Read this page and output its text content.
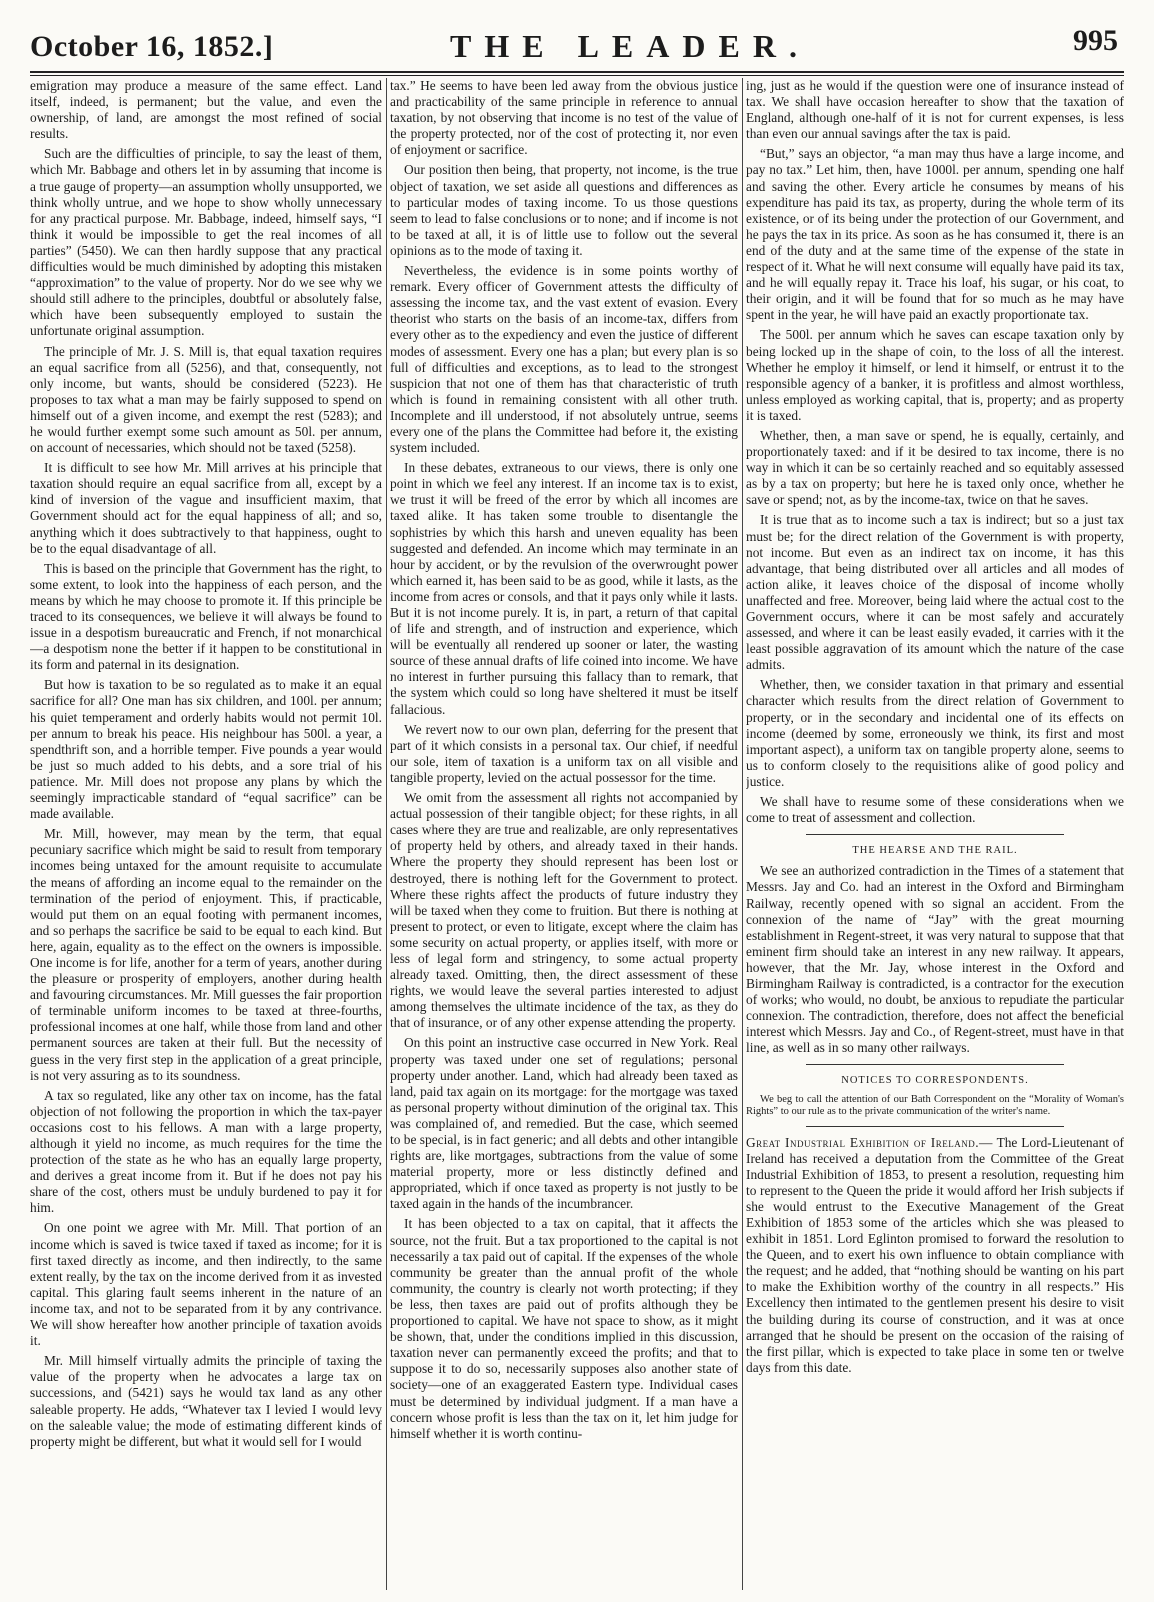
October 16, 1852.]	THE LEADER.	995

emigration may produce a measure of the same effect. Land itself, indeed, is permanent; but the value, and even the ownership, of land, are amongst the most refined of social results.

Such are the difficulties of principle, to say the least of them, which Mr. Babbage and others let in by assuming that income is a true gauge of property—an assumption wholly unsupported, we think wholly untrue, and we hope to show wholly unnecessary for any practical purpose. Mr. Babbage, indeed, himself says, “I think it would be impossible to get the real incomes of all parties” (5450). We can then hardly suppose that any practical difficulties would be much diminished by adopting this mistaken “approximation” to the value of property. Nor do we see why we should still adhere to the principles, doubtful or absolutely false, which have been subsequently employed to sustain the unfortunate original assumption.

The principle of Mr. J. S. Mill is, that equal taxation requires an equal sacrifice from all (5256), and that, consequently, not only income, but wants, should be considered (5223). He proposes to tax what a man may be fairly supposed to spend on himself out of a given income, and exempt the rest (5283); and he would further exempt some such amount as 50l. per annum, on account of necessaries, which should not be taxed (5258).

It is difficult to see how Mr. Mill arrives at his principle that taxation should require an equal sacrifice from all, except by a kind of inversion of the vague and insufficient maxim, that Government should act for the equal happiness of all; and so, anything which it does subtractively to that happiness, ought to be to the equal disadvantage of all.

This is based on the principle that Government has the right, to some extent, to look into the happiness of each person, and the means by which he may choose to promote it. If this principle be traced to its consequences, we believe it will always be found to issue in a despotism bureaucratic and French, if not monarchical—a despotism none the better if it happen to be constitutional in its form and paternal in its designation.

But how is taxation to be so regulated as to make it an equal sacrifice for all? One man has six children, and 100l. per annum; his quiet temperament and orderly habits would not permit 10l. per annum to break his peace. His neighbour has 500l. a year, a spendthrift son, and a horrible temper. Five pounds a year would be just so much added to his debts, and a sore trial of his patience. Mr. Mill does not propose any plans by which the seemingly impracticable standard of “equal sacrifice” can be made available.

Mr. Mill, however, may mean by the term, that equal pecuniary sacrifice which might be said to result from temporary incomes being untaxed for the amount requisite to accumulate the means of affording an income equal to the remainder on the termination of the period of enjoyment. This, if practicable, would put them on an equal footing with permanent incomes, and so perhaps the sacrifice be said to be equal to each kind. But here, again, equality as to the effect on the owners is impossible. One income is for life, another for a term of years, another during the pleasure or prosperity of employers, another during health and favouring circumstances. Mr. Mill guesses the fair proportion of terminable uniform incomes to be taxed at three-fourths, professional incomes at one half, while those from land and other permanent sources are taken at their full. But the necessity of guess in the very first step in the application of a great principle, is not very assuring as to its soundness.

A tax so regulated, like any other tax on income, has the fatal objection of not following the proportion in which the tax-payer occasions cost to his fellows. A man with a large property, although it yield no income, as much requires for the time the protection of the state as he who has an equally large property, and derives a great income from it. But if he does not pay his share of the cost, others must be unduly burdened to pay it for him.

On one point we agree with Mr. Mill. That portion of an income which is saved is twice taxed if taxed as income; for it is first taxed directly as income, and then indirectly, to the same extent really, by the tax on the income derived from it as invested capital. This glaring fault seems inherent in the nature of an income tax, and not to be separated from it by any contrivance. We will show hereafter how another principle of taxation avoids it.

Mr. Mill himself virtually admits the principle of taxing the value of the property when he advocates a large tax on successions, and (5421) says he would tax land as any other saleable property. He adds, “Whatever tax I levied I would levy on the saleable value; the mode of estimating different kinds of property might be different, but what it would sell for I would

tax.” He seems to have been led away from the obvious justice and practicability of the same principle in reference to annual taxation, by not observing that income is no test of the value of the property protected, nor of the cost of protecting it, nor even of enjoyment or sacrifice.

Our position then being, that property, not income, is the true object of taxation, we set aside all questions and differences as to particular modes of taxing income. To us those questions seem to lead to false conclusions or to none; and if income is not to be taxed at all, it is of little use to follow out the several opinions as to the mode of taxing it.

Nevertheless, the evidence is in some points worthy of remark. Every officer of Government attests the difficulty of assessing the income tax, and the vast extent of evasion. Every theorist who starts on the basis of an income-tax, differs from every other as to the expediency and even the justice of different modes of assessment. Every one has a plan; but every plan is so full of difficulties and exceptions, as to lead to the strongest suspicion that not one of them has that characteristic of truth which is found in remaining consistent with all other truth. Incomplete and ill understood, if not absolutely untrue, seems every one of the plans the Committee had before it, the existing system included.

In these debates, extraneous to our views, there is only one point in which we feel any interest. If an income tax is to exist, we trust it will be freed of the error by which all incomes are taxed alike. It has taken some trouble to disentangle the sophistries by which this harsh and uneven equality has been suggested and defended. An income which may terminate in an hour by accident, or by the revulsion of the overwrought power which earned it, has been said to be as good, while it lasts, as the income from acres or consols, and that it pays only while it lasts. But it is not income purely. It is, in part, a return of that capital of life and strength, and of instruction and experience, which will be eventually all rendered up sooner or later, the wasting source of these annual drafts of life coined into income. We have no interest in further pursuing this fallacy than to remark, that the system which could so long have sheltered it must be itself fallacious.

We revert now to our own plan, deferring for the present that part of it which consists in a personal tax. Our chief, if needful our sole, item of taxation is a uniform tax on all visible and tangible property, levied on the actual possessor for the time.

We omit from the assessment all rights not accompanied by actual possession of their tangible object; for these rights, in all cases where they are true and realizable, are only representatives of property held by others, and already taxed in their hands. Where the property they should represent has been lost or destroyed, there is nothing left for the Government to protect. Where these rights affect the products of future industry they will be taxed when they come to fruition. But there is nothing at present to protect, or even to litigate, except where the claim has some security on actual property, or applies itself, with more or less of legal form and stringency, to some actual property already taxed. Omitting, then, the direct assessment of these rights, we would leave the several parties interested to adjust among themselves the ultimate incidence of the tax, as they do that of insurance, or of any other expense attending the property.

On this point an instructive case occurred in New York. Real property was taxed under one set of regulations; personal property under another. Land, which had already been taxed as land, paid tax again on its mortgage: for the mortgage was taxed as personal property without diminution of the original tax. This was complained of, and remedied. But the case, which seemed to be special, is in fact generic; and all debts and other intangible rights are, like mortgages, subtractions from the value of some material property, more or less distinctly defined and appropriated, which if once taxed as property is not justly to be taxed again in the hands of the incumbrancer.

It has been objected to a tax on capital, that it affects the source, not the fruit. But a tax proportioned to the capital is not necessarily a tax paid out of capital. If the expenses of the whole community be greater than the annual profit of the whole community, the country is clearly not worth protecting; if they be less, then taxes are paid out of profits although they be proportioned to capital. We have not space to show, as it might be shown, that, under the conditions implied in this discussion, taxation never can permanently exceed the profits; and that to suppose it to do so, necessarily supposes also another state of society—one of an exaggerated Eastern type. Individual cases must be determined by individual judgment. If a man have a concern whose profit is less than the tax on it, let him judge for himself whether it is worth continu-

ing, just as he would if the question were one of insurance instead of tax. We shall have occasion hereafter to show that the taxation of England, although one-half of it is not for current expenses, is less than even our annual savings after the tax is paid.

“But,” says an objector, “a man may thus have a large income, and pay no tax.” Let him, then, have 1000l. per annum, spending one half and saving the other. Every article he consumes by means of his expenditure has paid its tax, as property, during the whole term of its existence, or of its being under the protection of our Government, and he pays the tax in its price. As soon as he has consumed it, there is an end of the duty and at the same time of the expense of the state in respect of it. What he will next consume will equally have paid its tax, and he will equally repay it. Trace his loaf, his sugar, or his coat, to their origin, and it will be found that for so much as he may have spent in the year, he will have paid an exactly proportionate tax.

The 500l. per annum which he saves can escape taxation only by being locked up in the shape of coin, to the loss of all the interest. Whether he employ it himself, or lend it himself, or entrust it to the responsible agency of a banker, it is profitless and almost worthless, unless employed as working capital, that is, property; and as property it is taxed.

Whether, then, a man save or spend, he is equally, certainly, and proportionately taxed: and if it be desired to tax income, there is no way in which it can be so certainly reached and so equitably assessed as by a tax on property; but here he is taxed only once, whether he save or spend; not, as by the income-tax, twice on that he saves.

It is true that as to income such a tax is indirect; but so a just tax must be; for the direct relation of the Government is with property, not income. But even as an indirect tax on income, it has this advantage, that being distributed over all articles and all modes of action alike, it leaves choice of the disposal of income wholly unaffected and free. Moreover, being laid where the actual cost to the Government occurs, where it can be most safely and accurately assessed, and where it can be least easily evaded, it carries with it the least possible aggravation of its amount which the nature of the case admits.

Whether, then, we consider taxation in that primary and essential character which results from the direct relation of Government to property, or in the secondary and incidental one of its effects on income (deemed by some, erroneously we think, its first and most important aspect), a uniform tax on tangible property alone, seems to us to conform closely to the requisitions alike of good policy and justice.

We shall have to resume some of these considerations when we come to treat of assessment and collection.

THE HEARSE AND THE RAIL.

We see an authorized contradiction in the Times of a statement that Messrs. Jay and Co. had an interest in the Oxford and Birmingham Railway, recently opened with so signal an accident. From the connexion of the name of “Jay” with the great mourning establishment in Regent-street, it was very natural to suppose that that eminent firm should take an interest in any new railway. It appears, however, that the Mr. Jay, whose interest in the Oxford and Birmingham Railway is contradicted, is a contractor for the execution of works; who would, no doubt, be anxious to repudiate the particular connexion. The contradiction, therefore, does not affect the beneficial interest which Messrs. Jay and Co., of Regent-street, must have in that line, as well as in so many other railways.

NOTICES TO CORRESPONDENTS.

We beg to call the attention of our Bath Correspondent on the “Morality of Woman's Rights” to our rule as to the private communication of the writer's name.

Great Industrial Exhibition of Ireland.— The Lord-Lieutenant of Ireland has received a deputation from the Committee of the Great Industrial Exhibition of 1853, to present a resolution, requesting him to represent to the Queen the pride it would afford her Irish subjects if she would entrust to the Executive Management of the Great Exhibition of 1853 some of the articles which she was pleased to exhibit in 1851. Lord Eglinton promised to forward the resolution to the Queen, and to exert his own influence to obtain compliance with the request; and he added, that “nothing should be wanting on his part to make the Exhibition worthy of the country in all respects.” His Excellency then intimated to the gentlemen present his desire to visit the building during its course of construction, and it was at once arranged that he should be present on the occasion of the raising of the first pillar, which is expected to take place in some ten or twelve days from this date.
